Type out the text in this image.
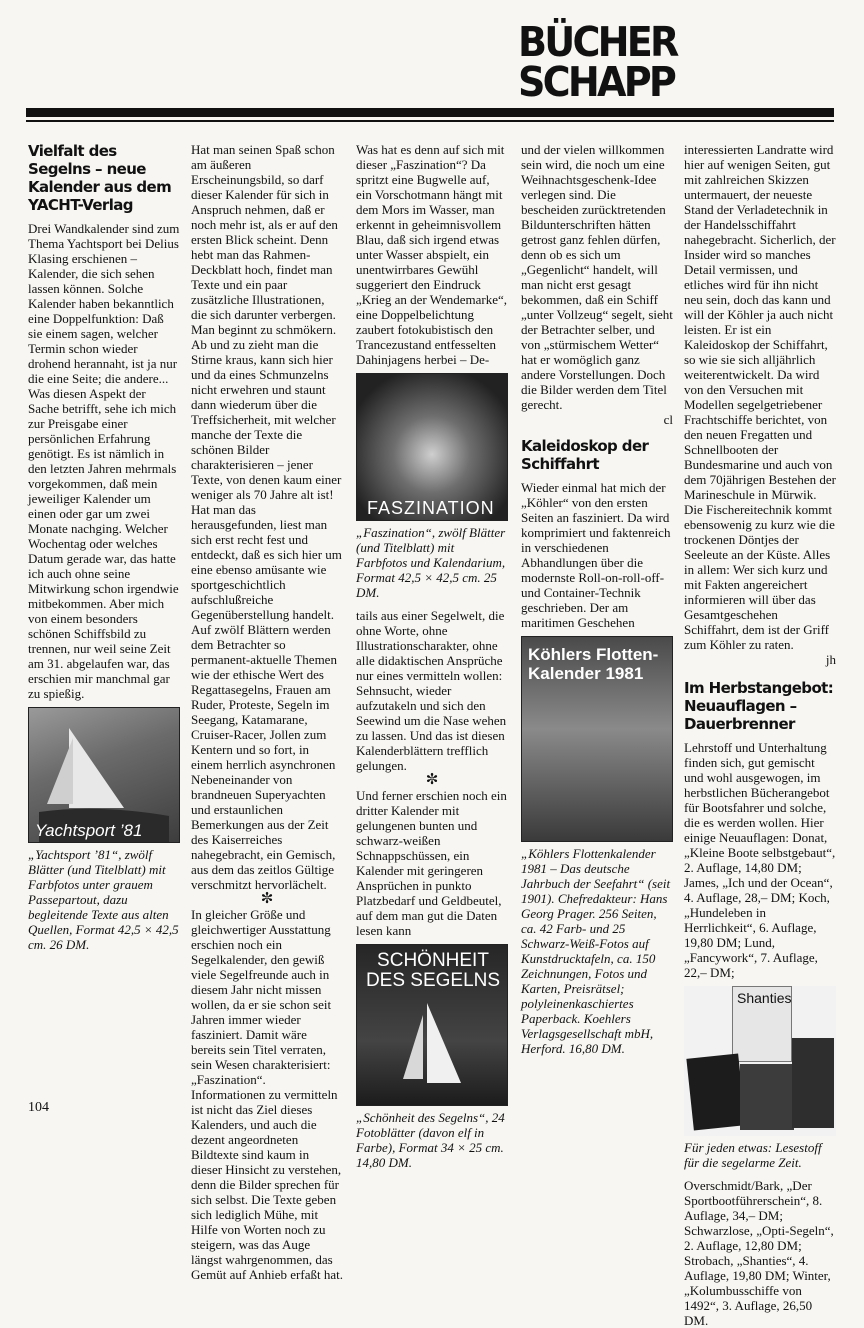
BÜCHER
SCHAPP
Vielfalt des Segelns – neue Kalender aus dem YACHT-Verlag

Drei Wandkalender sind zum Thema Yachtsport bei Delius Klasing erschienen – Kalender, die sich sehen lassen können. Solche Kalender haben bekanntlich eine Doppelfunktion: Daß sie einem sagen, welcher Termin schon wieder drohend herannaht, ist ja nur die eine Seite; die andere... Was diesen Aspekt der Sache betrifft, sehe ich mich zur Preisgabe einer persönlichen Erfahrung genötigt. Es ist nämlich in den letzten Jahren mehrmals vorgekommen, daß mein jeweiliger Kalender um einen oder gar um zwei Monate nachging. Welcher Wochentag oder welches Datum gerade war, das hatte ich auch ohne seine Mitwirkung schon irgendwie mitbekommen. Aber mich von einem besonders schönen Schiffsbild zu trennen, nur weil seine Zeit am 31. abgelaufen war, das erschien mir manchmal gar zu spießig.

Yachtsport ’81

„Yachtsport ’81“, zwölf Blätter (und Titelblatt) mit Farbfotos unter grauem Passepartout, dazu begleitende Texte aus alten Quellen, Format 42,5 × 42,5 cm. 26 DM.

Hat man seinen Spaß schon am äußeren Erscheinungsbild, so darf dieser Kalender für sich in Anspruch nehmen, daß er noch mehr ist, als er auf den ersten Blick scheint. Denn hebt man das Rahmen-Deckblatt hoch, findet man Texte und ein paar zusätzliche Illustrationen, die sich darunter verbergen. Man beginnt zu schmökern. Ab und zu zieht man die Stirne kraus, kann sich hier und da eines Schmunzelns nicht erwehren und staunt dann wiederum über die Treffsicherheit, mit welcher manche der Texte die schönen Bilder charakterisieren – jener Texte, von denen kaum einer weniger als 70 Jahre alt ist! Hat man das herausgefunden, liest man sich erst recht fest und entdeckt, daß es sich hier um eine ebenso amüsante wie sportgeschichtlich aufschlußreiche Gegenüberstellung handelt. Auf zwölf Blättern werden dem Betrachter so permanent-aktuelle Themen wie der ethische Wert des Regattasegelns, Frauen am Ruder, Proteste, Segeln im Seegang, Katamarane, Cruiser-Racer, Jollen zum Kentern und so fort, in einem herrlich asynchronen Nebeneinander von brandneuen Superyachten und erstaunlichen Bemerkungen aus der Zeit des Kaiserreiches nahegebracht, ein Gemisch, aus dem das zeitlos Gültige verschmitzt hervorlächelt.

✼

In gleicher Größe und gleichwertiger Ausstattung erschien noch ein Segelkalender, den gewiß viele Segelfreunde auch in diesem Jahr nicht missen wollen, da er sie schon seit Jahren immer wieder fasziniert. Damit wäre bereits sein Titel verraten, sein Wesen charakterisiert: „Faszination“. Informationen zu vermitteln ist nicht das Ziel dieses Kalenders, und auch die dezent angeordneten Bildtexte sind kaum in dieser Hinsicht zu verstehen, denn die Bilder sprechen für sich selbst. Die Texte geben sich lediglich Mühe, mit Hilfe von Worten noch zu steigern, was das Auge längst wahrgenommen, das Gemüt auf Anhieb erfaßt hat.

Was hat es denn auf sich mit dieser „Faszination“? Da spritzt eine Bugwelle auf, ein Vorschotmann hängt mit dem Mors im Wasser, man erkennt in geheimnisvollem Blau, daß sich irgend etwas unter Wasser abspielt, ein unentwirrbares Gewühl suggeriert den Eindruck „Krieg an der Wendemarke“, eine Doppelbelichtung zaubert fotokubistisch den Trancezustand entfesselten Dahinjagens herbei – De-

FASZINATION

„Faszination“, zwölf Blätter (und Titelblatt) mit Farbfotos und Kalendarium, Format 42,5 × 42,5 cm. 25 DM.

tails aus einer Segelwelt, die ohne Worte, ohne Illustrationscharakter, ohne alle didaktischen Ansprüche nur eines vermitteln wollen: Sehnsucht, wieder aufzutakeln und sich den Seewind um die Nase wehen zu lassen. Und das ist diesen Kalenderblättern trefflich gelungen.

✼

Und ferner erschien noch ein dritter Kalender mit gelungenen bunten und schwarz-weißen Schnappschüssen, ein Kalender mit geringeren Ansprüchen in punkto Platzbedarf und Geldbeutel, auf dem man gut die Daten lesen kann

SCHÖNHEIT DES SEGELNS

„Schönheit des Segelns“, 24 Fotoblätter (davon elf in Farbe), Format 34 × 25 cm. 14,80 DM.

und der vielen willkommen sein wird, die noch um eine Weihnachtsgeschenk-Idee verlegen sind. Die bescheiden zurücktretenden Bildunterschriften hätten getrost ganz fehlen dürfen, denn ob es sich um „Gegenlicht“ handelt, will man nicht erst gesagt bekommen, daß ein Schiff „unter Vollzeug“ segelt, sieht der Betrachter selber, und von „stürmischem Wetter“ hat er womöglich ganz andere Vorstellungen. Doch die Bilder werden dem Titel gerecht.

cl

Kaleidoskop der Schiffahrt

Wieder einmal hat mich der „Köhler“ von den ersten Seiten an fasziniert. Da wird komprimiert und faktenreich in verschiedenen Abhandlungen über die modernste Roll-on-roll-off- und Container-Technik geschrieben. Der am maritimen Geschehen

Köhlers Flotten-Kalender 1981

„Köhlers Flottenkalender 1981 – Das deutsche Jahrbuch der Seefahrt“ (seit 1901). Chefredakteur: Hans Georg Prager. 256 Seiten, ca. 42 Farb- und 25 Schwarz-Weiß-Fotos auf Kunstdrucktafeln, ca. 150 Zeichnungen, Fotos und Karten, Preisrätsel; polyleinenkaschiertes Paperback. Koehlers Verlagsgesellschaft mbH, Herford. 16,80 DM.

interessierten Landratte wird hier auf wenigen Seiten, gut mit zahlreichen Skizzen untermauert, der neueste Stand der Verladetechnik in der Handelsschiffahrt nahegebracht. Sicherlich, der Insider wird so manches Detail vermissen, und etliches wird für ihn nicht neu sein, doch das kann und will der Köhler ja auch nicht leisten. Er ist ein Kaleidoskop der Schiffahrt, so wie sie sich alljährlich weiterentwickelt. Da wird von den Versuchen mit Modellen segelgetriebener Frachtschiffe berichtet, von den neuen Fregatten und Schnellbooten der Bundesmarine und auch von dem 70jährigen Bestehen der Marineschule in Mürwik. Die Fischereitechnik kommt ebensowenig zu kurz wie die trockenen Döntjes der Seeleute an der Küste. Alles in allem: Wer sich kurz und mit Fakten angereichert informieren will über das Gesamtgeschehen Schiffahrt, dem ist der Griff zum Köhler zu raten.

jh

Im Herbstangebot: Neuauflagen – Dauerbrenner

Lehrstoff und Unterhaltung finden sich, gut gemischt und wohl ausgewogen, im herbstlichen Bücherangebot für Bootsfahrer und solche, die es werden wollen. Hier einige Neuauflagen: Donat, „Kleine Boote selbstgebaut“, 2. Auflage, 14,80 DM; James, „Ich und der Ocean“, 4. Auflage, 28,– DM; Koch, „Hundeleben in Herrlichkeit“, 6. Auflage, 19,80 DM; Lund, „Fancywork“, 7. Auflage, 22,– DM;

Shanties

Für jeden etwas: Lesestoff für die segelarme Zeit.

Overschmidt/Bark, „Der Sportbootführerschein“, 8. Auflage, 34,– DM; Schwarzlose, „Opti-Segeln“, 2. Auflage, 12,80 DM; Strobach, „Shanties“, 4. Auflage, 19,80 DM; Winter, „Kolumbusschiffe von 1492“, 3. Auflage, 26,50 DM.

104
